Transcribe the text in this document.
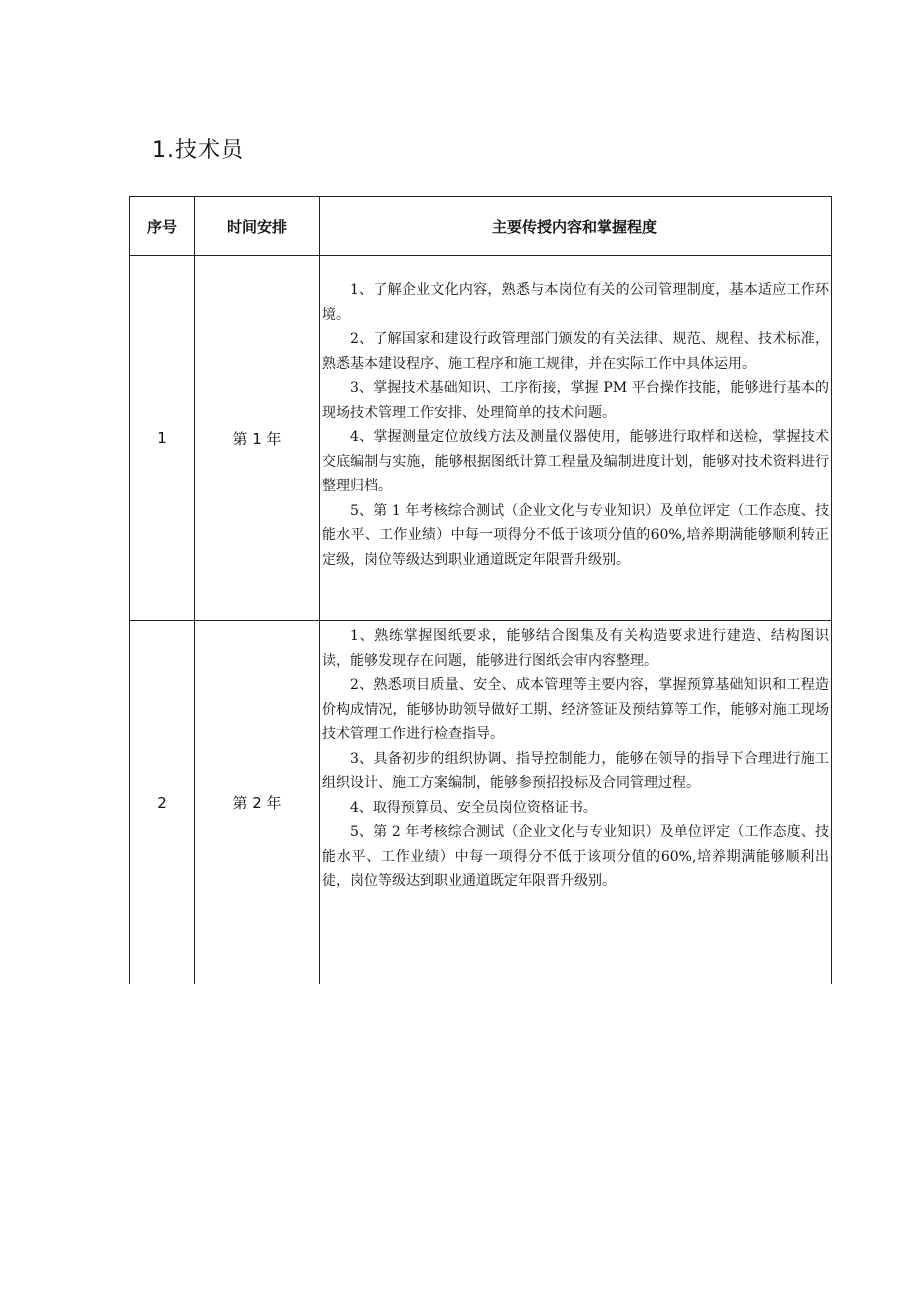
1.技术员
序号	时间安排	主要传授内容和掌握程度
1	第 1 年

1、了解企业文化内容，熟悉与本岗位有关的公司管理制度，基本适应工作环境。

2、了解国家和建设行政管理部门颁发的有关法律、规范、规程、技术标准，熟悉基本建设程序、施工程序和施工规律，并在实际工作中具体运用。

3、掌握技术基础知识、工序衔接，掌握 PM 平台操作技能，能够进行基本的现场技术管理工作安排、处理简单的技术问题。

4、掌握测量定位放线方法及测量仪器使用，能够进行取样和送检，掌握技术交底编制与实施，能够根据图纸计算工程量及编制进度计划，能够对技术资料进行整理归档。

5、第 1 年考核综合测试（企业文化与专业知识）及单位评定（工作态度、技能水平、工作业绩）中每一项得分不低于该项分值的60%,培养期满能够顺利转正定级，岗位等级达到职业通道既定年限晋升级别。

2	第 2 年

1、熟练掌握图纸要求，能够结合图集及有关构造要求进行建造、结构图识读，能够发现存在问题，能够进行图纸会审内容整理。

2、熟悉项目质量、安全、成本管理等主要内容，掌握预算基础知识和工程造价构成情况，能够协助领导做好工期、经济签证及预结算等工作，能够对施工现场技术管理工作进行检查指导。

3、具备初步的组织协调、指导控制能力，能够在领导的指导下合理进行施工组织设计、施工方案编制，能够参预招投标及合同管理过程。

4、取得预算员、安全员岗位资格证书。

5、第 2 年考核综合测试（企业文化与专业知识）及单位评定（工作态度、技能水平、工作业绩）中每一项得分不低于该项分值的60%,培养期满能够顺利出徒，岗位等级达到职业通道既定年限晋升级别。
